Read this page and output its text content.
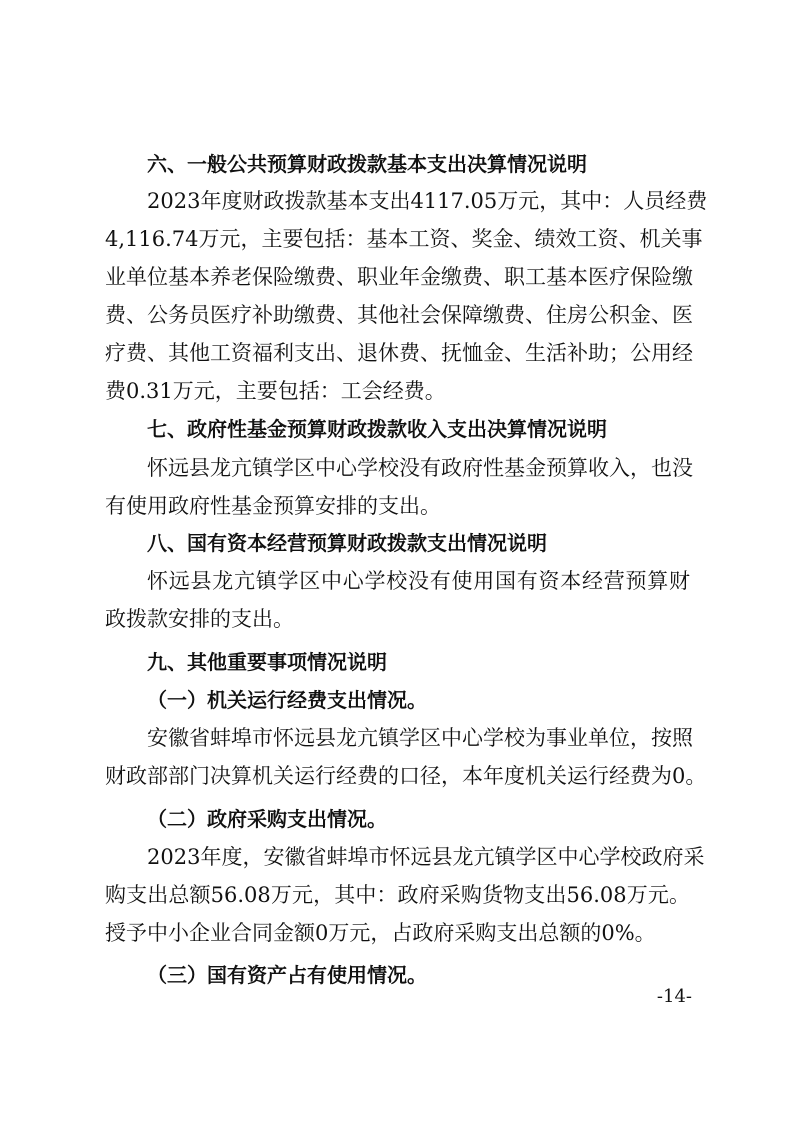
六、一般公共预算财政拨款基本支出决算情况说明
2023年度财政拨款基本支出4117.05万元，其中：人员经费
4,116.74万元，主要包括：基本工资、奖金、绩效工资、机关事
业单位基本养老保险缴费、职业年金缴费、职工基本医疗保险缴
费、公务员医疗补助缴费、其他社会保障缴费、住房公积金、医
疗费、其他工资福利支出、退休费、抚恤金、生活补助；公用经
费0.31万元，主要包括：工会经费。
七、政府性基金预算财政拨款收入支出决算情况说明
怀远县龙亢镇学区中心学校没有政府性基金预算收入，也没
有使用政府性基金预算安排的支出。
八、国有资本经营预算财政拨款支出情况说明
怀远县龙亢镇学区中心学校没有使用国有资本经营预算财
政拨款安排的支出。
九、其他重要事项情况说明
（一）机关运行经费支出情况。
安徽省蚌埠市怀远县龙亢镇学区中心学校为事业单位，按照
财政部部门决算机关运行经费的口径，本年度机关运行经费为0。
（二）政府采购支出情况。
2023年度，安徽省蚌埠市怀远县龙亢镇学区中心学校政府采
购支出总额56.08万元，其中：政府采购货物支出56.08万元。
授予中小企业合同金额0万元，占政府采购支出总额的0%。
（三）国有资产占有使用情况。
-14-
